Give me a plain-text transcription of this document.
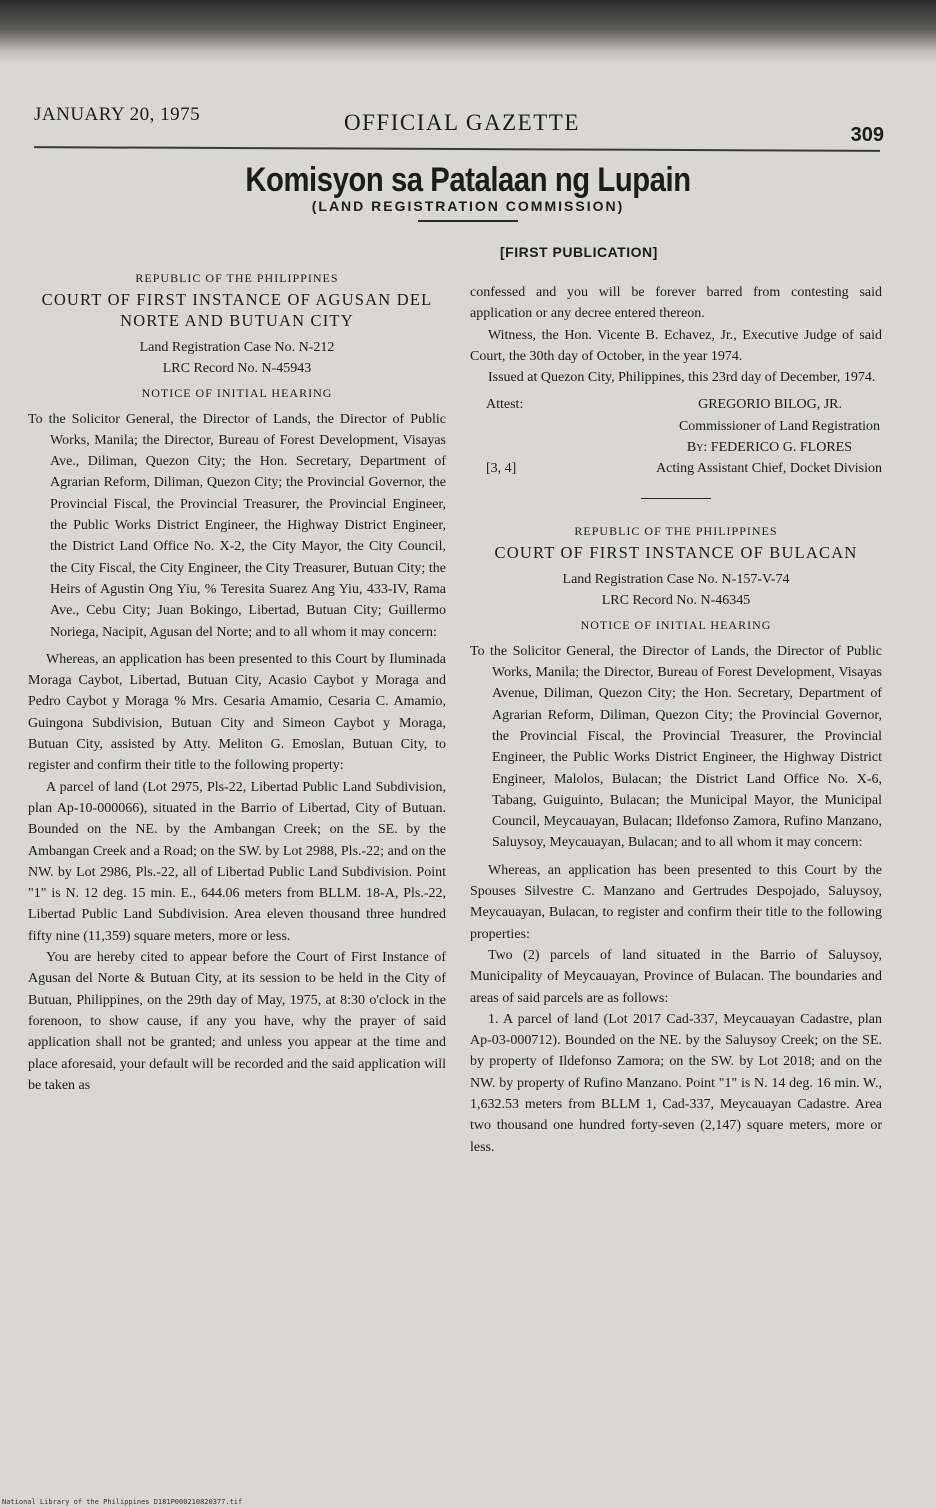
JANUARY 20, 1975	OFFICIAL GAZETTE	309
Komisyon sa Patalaan ng Lupain
(LAND REGISTRATION COMMISSION)
[FIRST PUBLICATION]
REPUBLIC OF THE PHILIPPINES
COURT OF FIRST INSTANCE OF AGUSAN DEL NORTE AND BUTUAN CITY
Land Registration Case No. N-212
LRC Record No. N-45943
NOTICE OF INITIAL HEARING

To the Solicitor General, the Director of Lands, the Director of Public Works, Manila; the Director, Bureau of Forest Development, Visayas Ave., Diliman, Quezon City; the Hon. Secretary, Department of Agrarian Reform, Diliman, Quezon City; the Provincial Governor, the Provincial Fiscal, the Provincial Treasurer, the Provincial Engineer, the Public Works District Engineer, the Highway District Engineer, the District Land Office No. X-2, the City Mayor, the City Council, the City Fiscal, the City Engineer, the City Treasurer, Butuan City; the Heirs of Agustin Ong Yiu, % Teresita Suarez Ang Yiu, 433-IV, Rama Ave., Cebu City; Juan Bokingo, Libertad, Butuan City; Guillermo Noriega, Nacipit, Agusan del Norte; and to all whom it may concern:

Whereas, an application has been presented to this Court by Iluminada Moraga Caybot, Libertad, Butuan City, Acasio Caybot y Moraga and Pedro Caybot y Moraga % Mrs. Cesaria Amamio, Cesaria C. Amamio, Guingona Subdivision, Butuan City and Simeon Caybot y Moraga, Butuan City, assisted by Atty. Meliton G. Emoslan, Butuan City, to register and confirm their title to the following property:

A parcel of land (Lot 2975, Pls-22, Libertad Public Land Subdivision, plan Ap-10-000066), situated in the Barrio of Libertad, City of Butuan. Bounded on the NE. by the Ambangan Creek; on the SE. by the Ambangan Creek and a Road; on the SW. by Lot 2988, Pls.-22; and on the NW. by Lot 2986, Pls.-22, all of Libertad Public Land Subdivision. Point "1" is N. 12 deg. 15 min. E., 644.06 meters from BLLM. 18-A, Pls.-22, Libertad Public Land Subdivision. Area eleven thousand three hundred fifty nine (11,359) square meters, more or less.

You are hereby cited to appear before the Court of First Instance of Agusan del Norte & Butuan City, at its session to be held in the City of Butuan, Philippines, on the 29th day of May, 1975, at 8:30 o'clock in the forenoon, to show cause, if any you have, why the prayer of said application shall not be granted; and unless you appear at the time and place aforesaid, your default will be recorded and the said application will be taken as

confessed and you will be forever barred from contesting said application or any decree entered thereon.

Witness, the Hon. Vicente B. Echavez, Jr., Executive Judge of said Court, the 30th day of October, in the year 1974.

Issued at Quezon City, Philippines, this 23rd day of December, 1974.

Attest:	GREGORIO BILOG, JR.
Commissioner of Land Registration
By: FEDERICO G. FLORES
[3, 4]	Acting Assistant Chief, Docket Division
REPUBLIC OF THE PHILIPPINES
COURT OF FIRST INSTANCE OF BULACAN
Land Registration Case No. N-157-V-74
LRC Record No. N-46345
NOTICE OF INITIAL HEARING

To the Solicitor General, the Director of Lands, the Director of Public Works, Manila; the Director, Bureau of Forest Development, Visayas Avenue, Diliman, Quezon City; the Hon. Secretary, Department of Agrarian Reform, Diliman, Quezon City; the Provincial Governor, the Provincial Fiscal, the Provincial Treasurer, the Provincial Engineer, the Public Works District Engineer, the Highway District Engineer, Malolos, Bulacan; the District Land Office No. X-6, Tabang, Guiguinto, Bulacan; the Municipal Mayor, the Municipal Council, Meycauayan, Bulacan; Ildefonso Zamora, Rufino Manzano, Saluysoy, Meycauayan, Bulacan; and to all whom it may concern:

Whereas, an application has been presented to this Court by the Spouses Silvestre C. Manzano and Gertrudes Despojado, Saluysoy, Meycauayan, Bulacan, to register and confirm their title to the following properties:

Two (2) parcels of land situated in the Barrio of Saluysoy, Municipality of Meycauayan, Province of Bulacan. The boundaries and areas of said parcels are as follows:

1. A parcel of land (Lot 2017 Cad-337, Meycauayan Cadastre, plan Ap-03-000712). Bounded on the NE. by the Saluysoy Creek; on the SE. by property of Ildefonso Zamora; on the SW. by Lot 2018; and on the NW. by property of Rufino Manzano. Point "1" is N. 14 deg. 16 min. W., 1,632.53 meters from BLLM 1, Cad-337, Meycauayan Cadastre. Area two thousand one hundred forty-seven (2,147) square meters, more or less.

National Library of the Philippines D181P000210820377.tif
